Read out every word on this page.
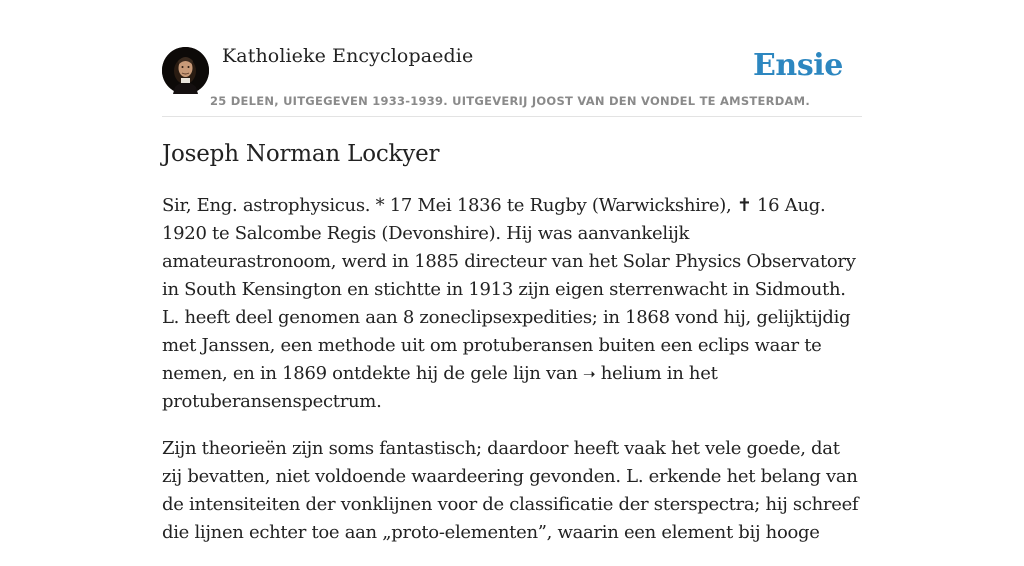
Katholieke Encyclopaedie	Ensie
25 DELEN, UITGEGEVEN 1933-1939. UITGEVERIJ JOOST VAN DEN VONDEL TE AMSTERDAM.
Joseph Norman Lockyer

Sir, Eng. astrophysicus. * 17 Mei 1836 te Rugby (Warwickshire), ✝ 16 Aug. 1920 te Salcombe Regis (Devonshire). Hij was aanvankelijk amateurastronoom, werd in 1885 directeur van het Solar Physics Observatory in South Kensington en stichtte in 1913 zijn eigen sterrenwacht in Sidmouth. L. heeft deel genomen aan 8 zoneclipsexpedities; in 1868 vond hij, gelijktijdig met Janssen, een methode uit om protuberansen buiten een eclips waar te nemen, en in 1869 ontdekte hij de gele lijn van ➝ helium in het protuberansenspectrum.

Zijn theorieën zijn soms fantastisch; daardoor heeft vaak het vele goede, dat zij bevatten, niet voldoende waardeering gevonden. L. erkende het belang van de intensiteiten der vonklijnen voor de classificatie der sterspectra; hij schreef die lijnen echter toe aan „proto-elementen”, waarin een element bij hooge
